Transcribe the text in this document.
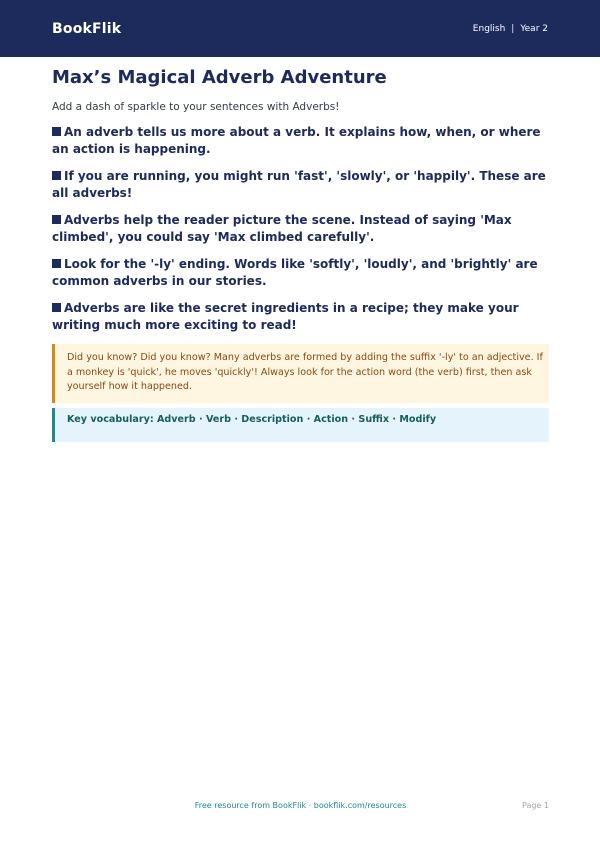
BookFlik	English | Year 2
Max’s Magical Adverb Adventure
Add a dash of sparkle to your sentences with Adverbs!
An adverb tells us more about a verb. It explains how, when, or where an action is happening.
If you are running, you might run 'fast', 'slowly', or 'happily'. These are all adverbs!
Adverbs help the reader picture the scene. Instead of saying 'Max climbed', you could say 'Max climbed carefully'.
Look for the '-ly' ending. Words like 'softly', 'loudly', and 'brightly' are common adverbs in our stories.
Adverbs are like the secret ingredients in a recipe; they make your writing much more exciting to read!
Did you know? Did you know? Many adverbs are formed by adding the suffix '-ly' to an adjective. If a monkey is 'quick', he moves 'quickly'! Always look for the action word (the verb) first, then ask yourself how it happened.
Key vocabulary: Adverb · Verb · Description · Action · Suffix · Modify
Free resource from BookFlik · bookflik.com/resources	Page 1
